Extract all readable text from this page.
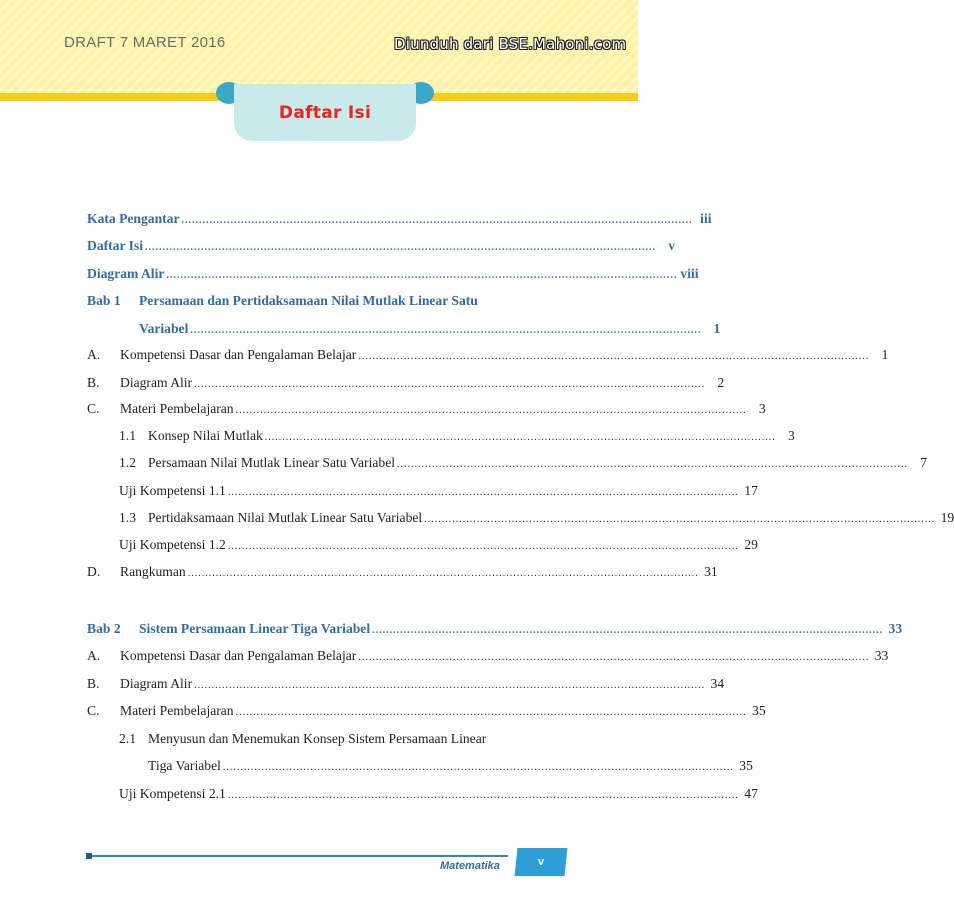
DRAFT 7 MARET 2016	Diunduh dari BSE.Mahoni.com
Daftar Isi
Kata Pengantar .................................................................................................................................................. iii
Daftar Isi .................................................................................................................................................. v
Diagram Alir .................................................................................................................................................. viii
Bab 1	Persamaan dan Pertidaksamaan Nilai Mutlak Linear Satu
Variabel .................................................................................................................................................. 1
A.	Kompetensi Dasar dan Pengalaman Belajar .................................................................................................................................................. 1
B.	Diagram Alir .................................................................................................................................................. 2
C.	Materi Pembelajaran .................................................................................................................................................. 3
1.1 Konsep Nilai Mutlak .................................................................................................................................................. 3
1.2 Persamaan Nilai Mutlak Linear Satu Variabel .................................................................................................................................................. 7
Uji Kompetensi 1.1 .................................................................................................................................................. 17
1.3 Pertidaksamaan Nilai Mutlak Linear Satu Variabel .................................................................................................................................................. 19
Uji Kompetensi 1.2 .................................................................................................................................................. 29
D.	Rangkuman .................................................................................................................................................. 31
Bab 2	Sistem Persamaan Linear Tiga Variabel .................................................................................................................................................. 33
A.	Kompetensi Dasar dan Pengalaman Belajar .................................................................................................................................................. 33
B.	Diagram Alir .................................................................................................................................................. 34
C.	Materi Pembelajaran .................................................................................................................................................. 35
2.1 Menyusun dan Menemukan Konsep Sistem Persamaan Linear
Tiga Variabel .................................................................................................................................................. 35
Uji Kompetensi 2.1 .................................................................................................................................................. 47
Matematika	v
